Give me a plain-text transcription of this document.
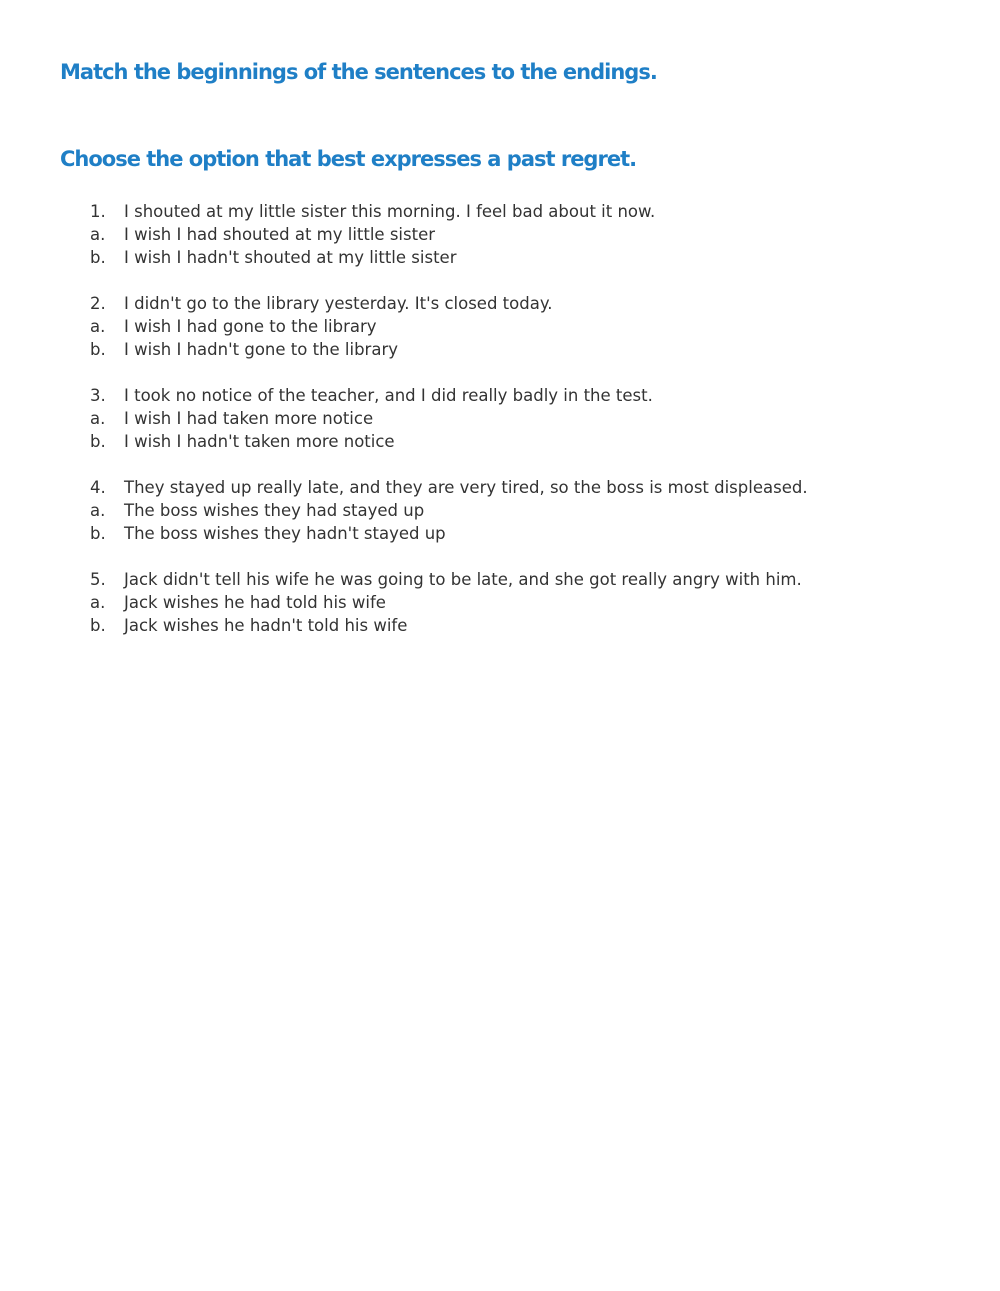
Match the beginnings of the sentences to the endings.
Choose the option that best expresses a past regret.
1.	I shouted at my little sister this morning. I feel bad about it now.
a.	I wish I had shouted at my little sister
b.	I wish I hadn't shouted at my little sister
2.	I didn't go to the library yesterday. It's closed today.
a.	I wish I had gone to the library
b.	I wish I hadn't gone to the library
3.	I took no notice of the teacher, and I did really badly in the test.
a.	I wish I had taken more notice
b.	I wish I hadn't taken more notice
4.	They stayed up really late, and they are very tired, so the boss is most displeased.
a.	The boss wishes they had stayed up
b.	The boss wishes they hadn't stayed up
5.	Jack didn't tell his wife he was going to be late, and she got really angry with him.
a.	Jack wishes he had told his wife
b.	Jack wishes he hadn't told his wife
